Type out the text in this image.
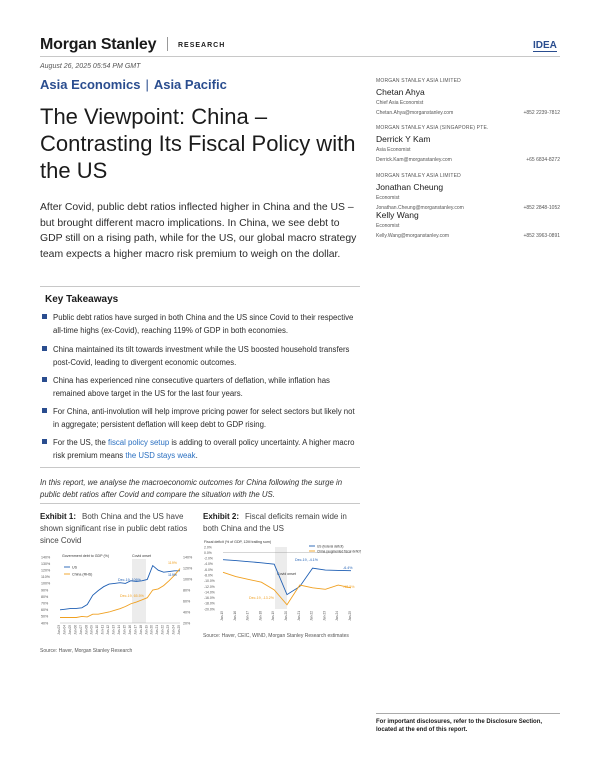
Morgan Stanley	RESEARCH	IDEA
August 26, 2025 05:54 PM GMT
Asia Economics | Asia Pacific
The Viewpoint: China – Contrasting Its Fiscal Policy with the US
After Covid, public debt ratios inflected higher in China and the US – but brought different macro implications. In China, we see debt to GDP still on a rising path, while for the US, our global macro strategy team expects a higher macro risk premium to weigh on the dollar.
MORGAN STANLEY ASIA LIMITED
Chetan Ahya
Chief Asia Economist
Chetan.Ahya@morganstanley.com	+852 2239-7812
MORGAN STANLEY ASIA (SINGAPORE) PTE.
Derrick Y Kam
Asia Economist
Derrick.Kam@morganstanley.com	+65 6834-8272
MORGAN STANLEY ASIA LIMITED
Jonathan Cheung
Economist
Jonathan.Cheung@morganstanley.com	+852 2848-1052
Kelly Wang
Economist
Kelly.Wang@morganstanley.com	+852 3963-0891
Key Takeaways
Public debt ratios have surged in both China and the US since Covid to their respective all-time highs (ex-Covid), reaching 119% of GDP in both economies.
China maintained its tilt towards investment while the US boosted household transfers post-Covid, leading to divergent economic outcomes.
China has experienced nine consecutive quarters of deflation, while inflation has remained above target in the US for the last four years.
For China, anti-involution will help improve pricing power for select sectors but likely not in aggregate; persistent deflation will keep debt to GDP rising.
For the US, the fiscal policy setup is adding to overall policy uncertainty. A higher macro risk premium means the USD stays weak.
In this report, we analyse the macroeconomic outcomes for China following the surge in public debt ratios after Covid and compare the situation with the US.
Exhibit 1: Both China and the US have shown significant rise in public debt ratios since Covid
Government debt to GDP (%)	Covid onset
140%
130%
120%
110%
100%
90%
80%
70%
60%
50%
40%
140%
120%
100%
80%
60%
40%
20%
Jun-03 Jun-04 Jun-05 Jun-06 Jun-07 Jun-08 Jun-09 Jun-10 Jun-11 Jun-12 Jun-13 Jun-14 Jun-15 Jun-16 Jun-17 Jun-18 Jun-19 Jun-20 Jun-21 Jun-22 Jun-23 Jun-24 Jun-25
US
China (RHS)
Dec-19, 106%
Dec-19, 65.5%
119%
119%
Source: Haver, Morgan Stanley Research
Exhibit 2: Fiscal deficits remain wide in both China and the US
Fiscal deficit (% of GDP, 12M trailing sum)
Covid onset
2.0%
0.0%
-2.0%
-4.0%
-6.0%
-8.0%
-10.0%
-12.0%
-14.0%
-16.0%
-18.0%
-20.0%
Jan-15	Jan-16	Jan-17	Jan-18	Jan-19	Jan-20	Jan-21	Jan-22	Jan-23	Jan-24	Jan-25
US (federal deficit)
China (augmented fiscal deficit)
Dec-19, -4.1%
Dec-19, -13.2%
-6.4%
-12.5%
Source: Haver, CEIC, WIND, Morgan Stanley Research estimates
For important disclosures, refer to the Disclosure Section, located at the end of this report.
